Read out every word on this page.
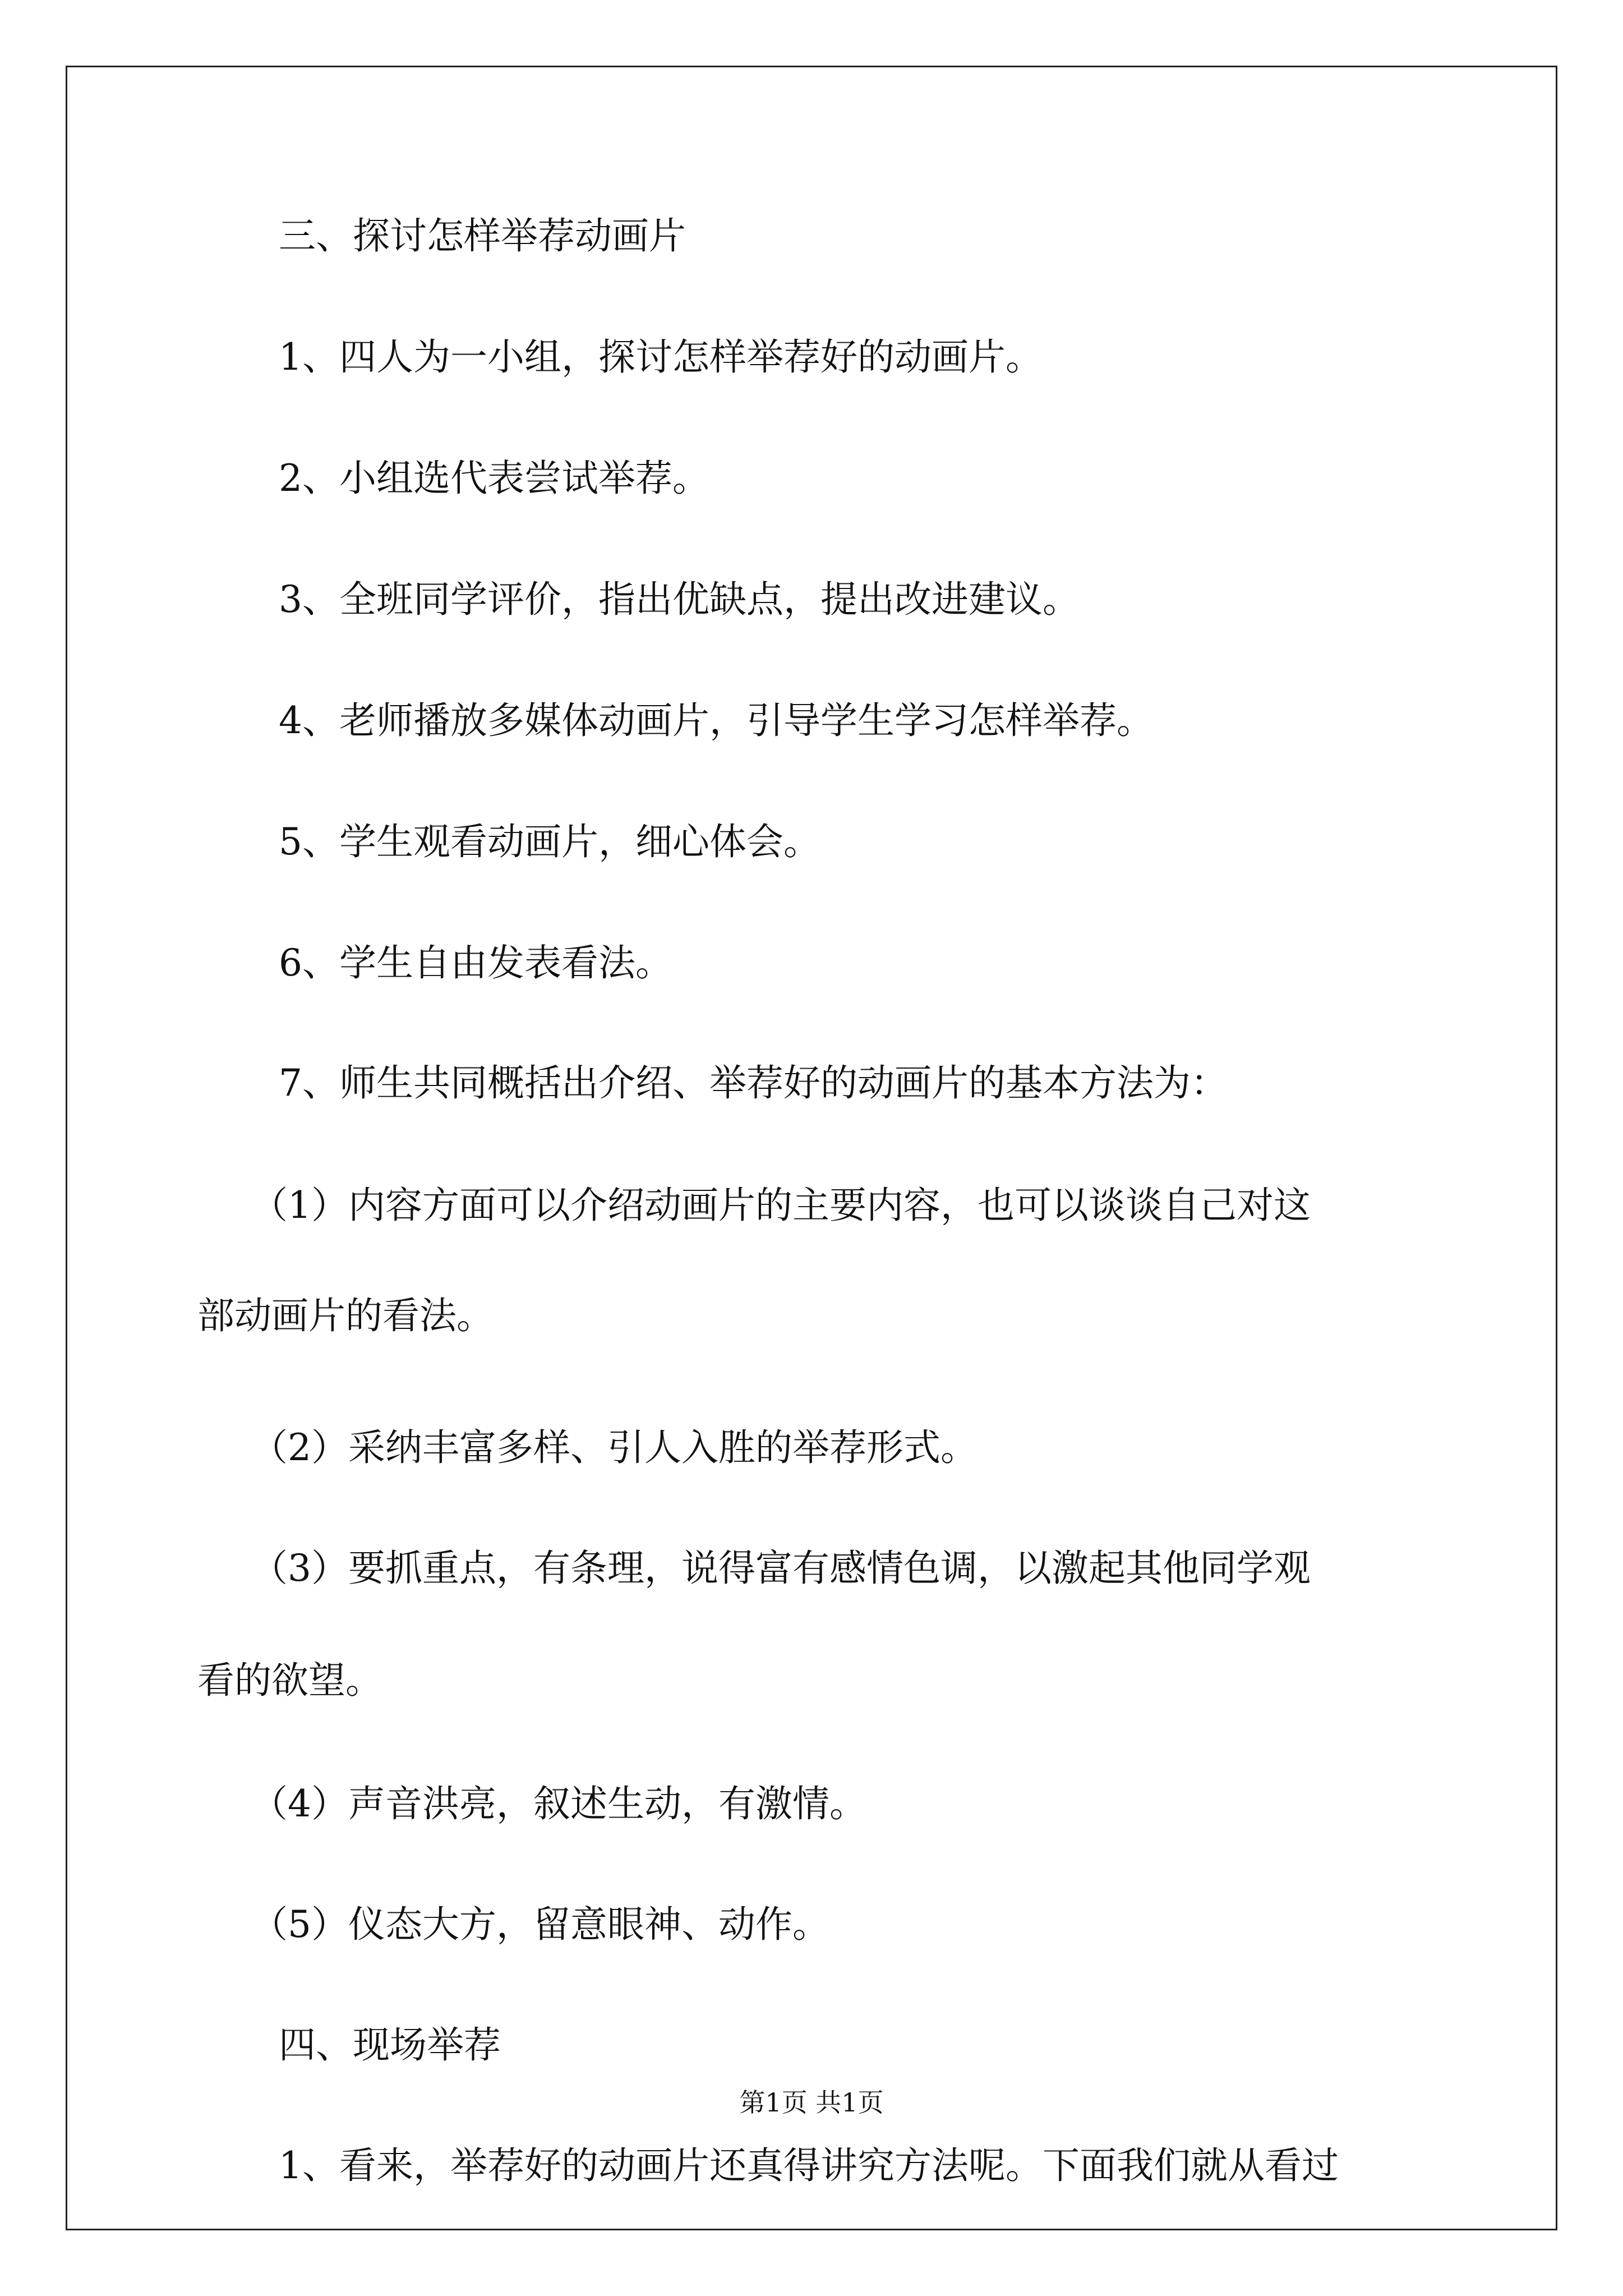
三、探讨怎样举荐动画片

1、四人为一小组，探讨怎样举荐好的动画片。

2、小组选代表尝试举荐。

3、全班同学评价，指出优缺点，提出改进建议。

4、老师播放多媒体动画片，引导学生学习怎样举荐。

5、学生观看动画片，细心体会。

6、学生自由发表看法。

7、师生共同概括出介绍、举荐好的动画片的基本方法为：

（1）内容方面可以介绍动画片的主要内容，也可以谈谈自己对这

部动画片的看法。

（2）采纳丰富多样、引人入胜的举荐形式。

（3）要抓重点，有条理，说得富有感情色调，以激起其他同学观

看的欲望。

（4）声音洪亮，叙述生动，有激情。

（5）仪态大方，留意眼神、动作。

四、现场举荐

1、看来，举荐好的动画片还真得讲究方法呢。下面我们就从看过

第1页 共1页
